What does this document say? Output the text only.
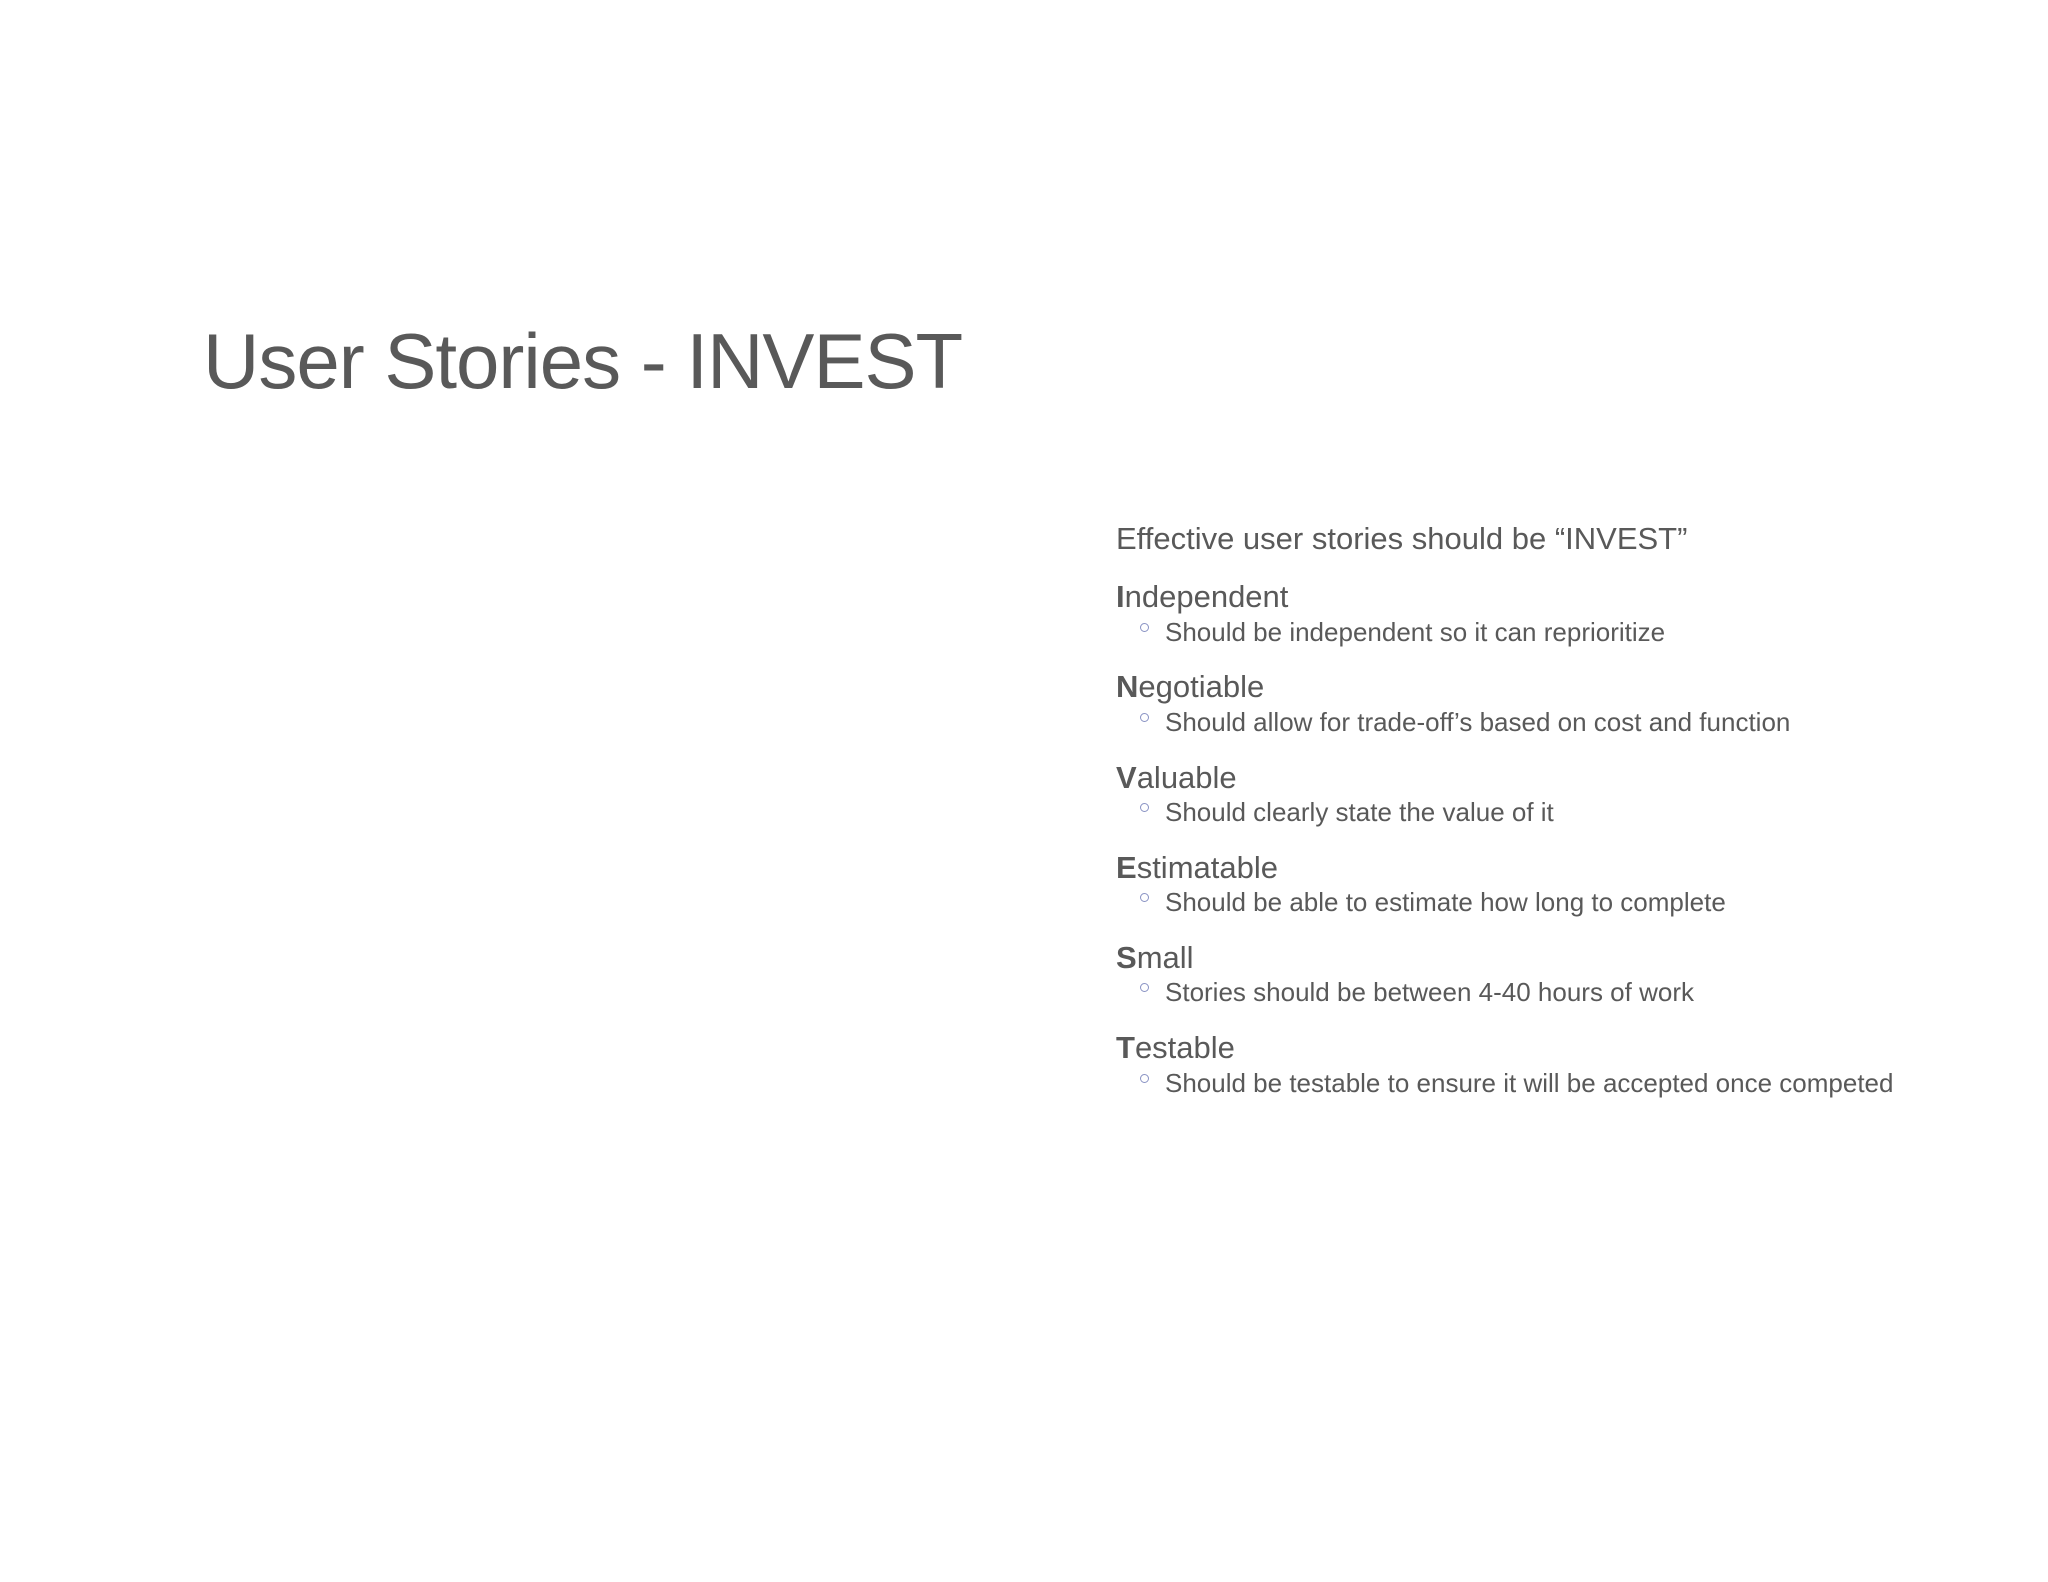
User Stories - INVEST
Effective user stories should be “INVEST”
Independent
Should be independent so it can reprioritize
Negotiable
Should allow for trade-off’s based on cost and function
Valuable
Should clearly state the value of it
Estimatable
Should be able to estimate how long to complete
Small
Stories should be between 4-40 hours of work
Testable
Should be testable to ensure it will be accepted once competed
